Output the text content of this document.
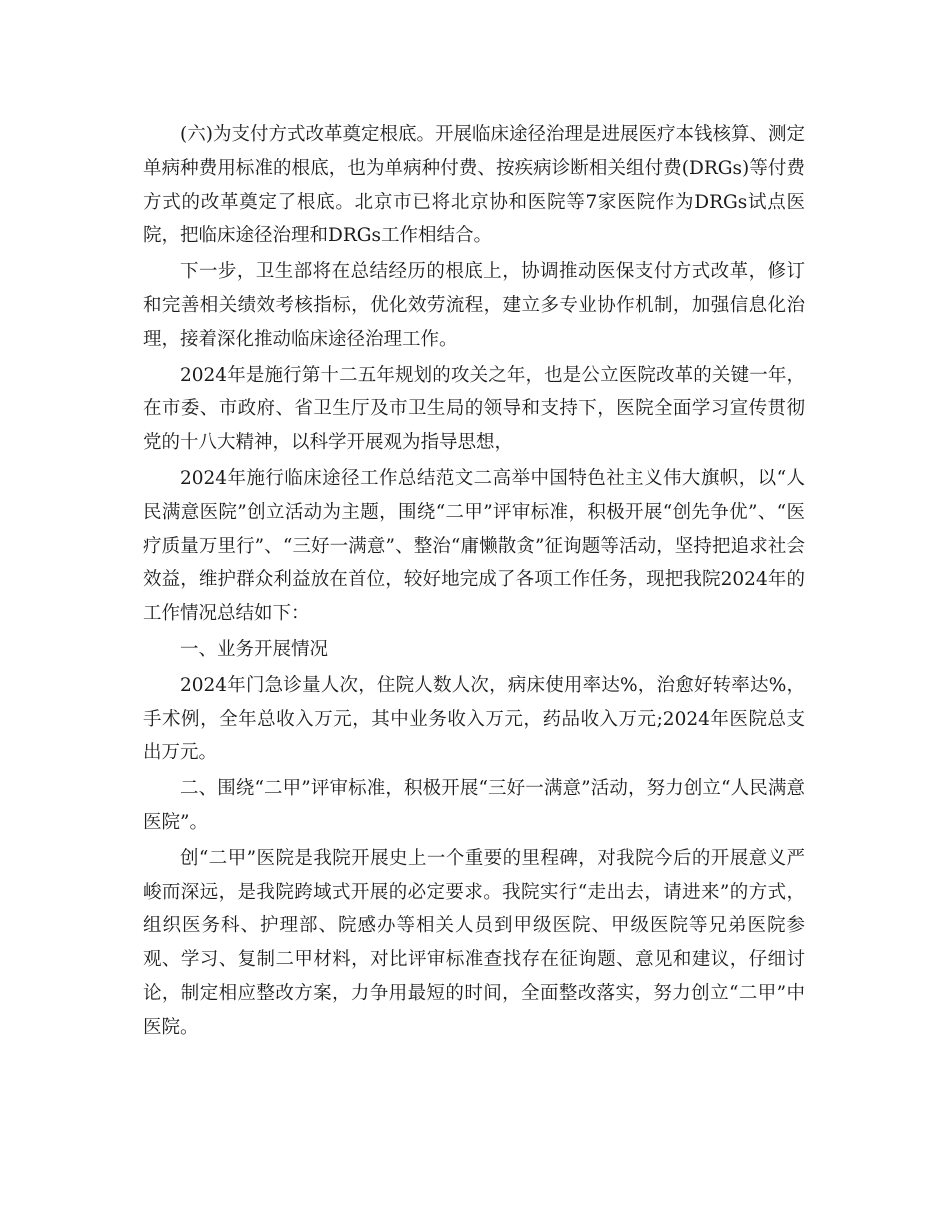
(六)为支付方式改革奠定根底。开展临床途径治理是进展医疗本钱核算、测定单病种费用标准的根底，也为单病种付费、按疾病诊断相关组付费(DRGs)等付费方式的改革奠定了根底。北京市已将北京协和医院等7家医院作为DRGs试点医院，把临床途径治理和DRGs工作相结合。

下一步，卫生部将在总结经历的根底上，协调推动医保支付方式改革，修订和完善相关绩效考核指标，优化效劳流程，建立多专业协作机制，加强信息化治理，接着深化推动临床途径治理工作。

2024年是施行第十二五年规划的攻关之年，也是公立医院改革的关键一年，在市委、市政府、省卫生厅及市卫生局的领导和支持下，医院全面学习宣传贯彻党的十八大精神，以科学开展观为指导思想，

2024年施行临床途径工作总结范文二高举中国特色社主义伟大旗帜，以“人民满意医院”创立活动为主题，围绕“二甲”评审标准，积极开展“创先争优”、“医疗质量万里行”、“三好一满意”、整治“庸懒散贪”征询题等活动，坚持把追求社会效益，维护群众利益放在首位，较好地完成了各项工作任务，现把我院2024年的工作情况总结如下：

一、业务开展情况

2024年门急诊量人次，住院人数人次，病床使用率达%，治愈好转率达%，手术例，全年总收入万元，其中业务收入万元，药品收入万元;2024年医院总支出万元。

二、围绕“二甲”评审标准，积极开展“三好一满意”活动，努力创立“人民满意医院”。

创“二甲”医院是我院开展史上一个重要的里程碑，对我院今后的开展意义严峻而深远，是我院跨域式开展的必定要求。我院实行“走出去，请进来”的方式，组织医务科、护理部、院感办等相关人员到甲级医院、甲级医院等兄弟医院参观、学习、复制二甲材料，对比评审标准查找存在征询题、意见和建议，仔细讨论，制定相应整改方案，力争用最短的时间，全面整改落实，努力创立“二甲”中医院。
